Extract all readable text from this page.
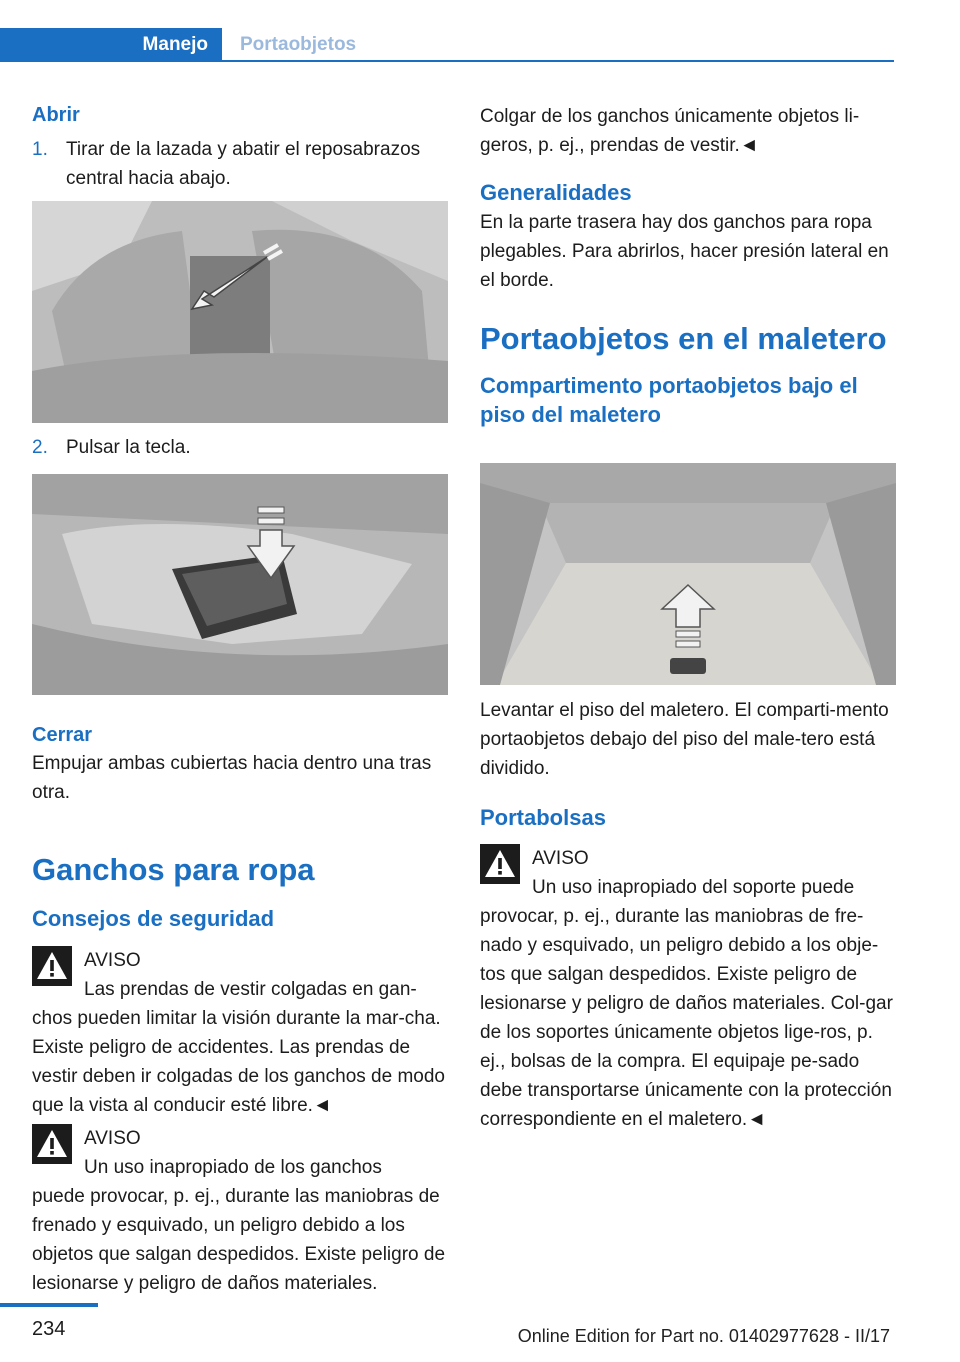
Manejo	Portaobjetos
Abrir
1. Tirar de la lazada y abatir el reposabrazos central hacia abajo.
2. Pulsar la tecla.
Cerrar
Empujar ambas cubiertas hacia dentro una tras otra.
Ganchos para ropa
Consejos de seguridad
AVISO
Las prendas de vestir colgadas en gan-
chos pueden limitar la visión durante la mar-cha. Existe peligro de accidentes. Las prendas de vestir deben ir colgadas de los ganchos de modo que la vista al conducir esté libre.◄
AVISO
Un uso inapropiado de los ganchos
puede provocar, p. ej., durante las maniobras de frenado y esquivado, un peligro debido a los objetos que salgan despedidos. Existe peligro de lesionarse y peligro de daños materiales.
Colgar de los ganchos únicamente objetos li-geros, p. ej., prendas de vestir.◄
Generalidades
En la parte trasera hay dos ganchos para ropa plegables. Para abrirlos, hacer presión lateral en el borde.
Portaobjetos en el maletero
Compartimento portaobjetos bajo el piso del maletero
Levantar el piso del maletero. El comparti-mento portaobjetos debajo del piso del male-tero está dividido.
Portabolsas
AVISO
Un uso inapropiado del soporte puede
provocar, p. ej., durante las maniobras de fre-nado y esquivado, un peligro debido a los obje-tos que salgan despedidos. Existe peligro de lesionarse y peligro de daños materiales. Col-gar de los soportes únicamente objetos lige-ros, p. ej., bolsas de la compra. El equipaje pe-sado debe transportarse únicamente con la protección correspondiente en el maletero.◄
234	Online Edition for Part no. 01402977628 - II/17
